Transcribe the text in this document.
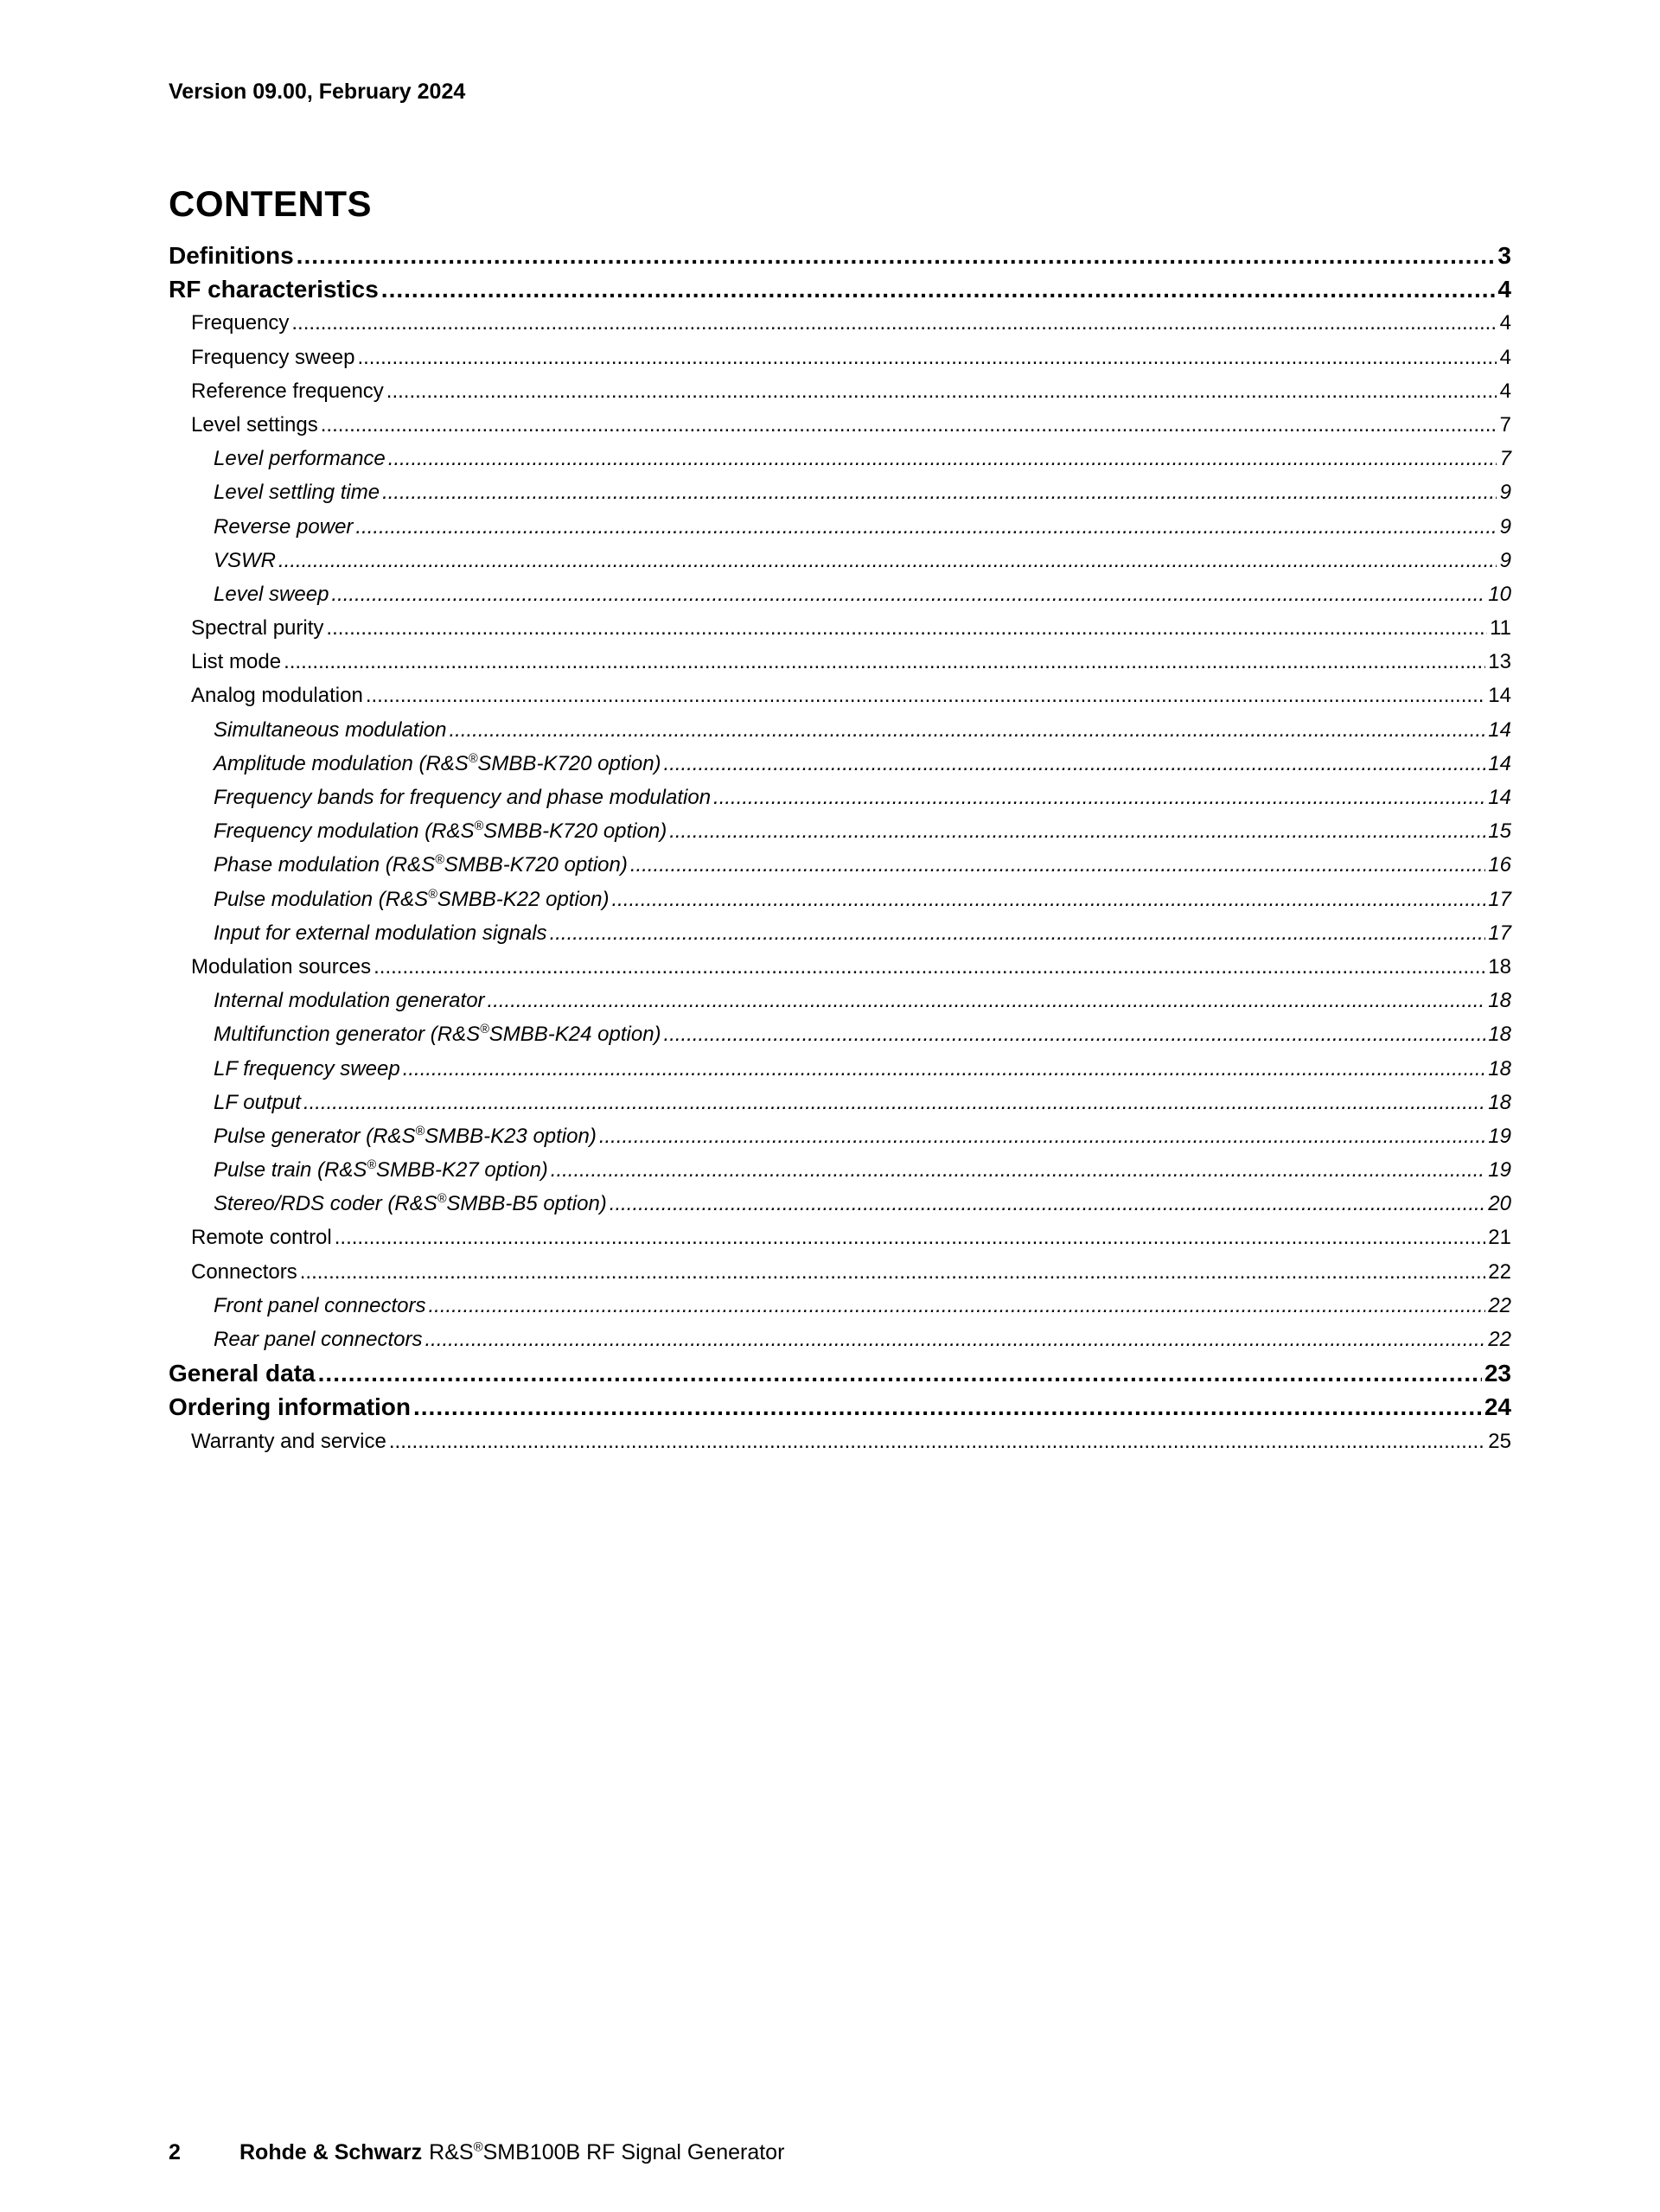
Version 09.00, February 2024

CONTENTS
Definitions .....	3
RF characteristics .....	4
Frequency .....	4
Frequency sweep .....	4
Reference frequency .....	4
Level settings .....	7
Level performance .....	7
Level settling time .....	9
Reverse power .....	9
VSWR .....	9
Level sweep .....	10
Spectral purity .....	11
List mode .....	13
Analog modulation .....	14
Simultaneous modulation .....	14
Amplitude modulation (R&S®SMBB-K720 option) .....	14
Frequency bands for frequency and phase modulation .....	14
Frequency modulation (R&S®SMBB-K720 option) .....	15
Phase modulation (R&S®SMBB-K720 option) .....	16
Pulse modulation (R&S®SMBB-K22 option) .....	17
Input for external modulation signals .....	17
Modulation sources .....	18
Internal modulation generator .....	18
Multifunction generator (R&S®SMBB-K24 option) .....	18
LF frequency sweep .....	18
LF output .....	18
Pulse generator (R&S®SMBB-K23 option) .....	19
Pulse train (R&S®SMBB-K27 option) .....	19
Stereo/RDS coder (R&S®SMBB-B5 option) .....	20
Remote control .....	21
Connectors .....	22
Front panel connectors .....	22
Rear panel connectors .....	22
General data .....	23
Ordering information .....	24
Warranty and service .....	25
2	Rohde & Schwarz R&S®SMB100B RF Signal Generator
